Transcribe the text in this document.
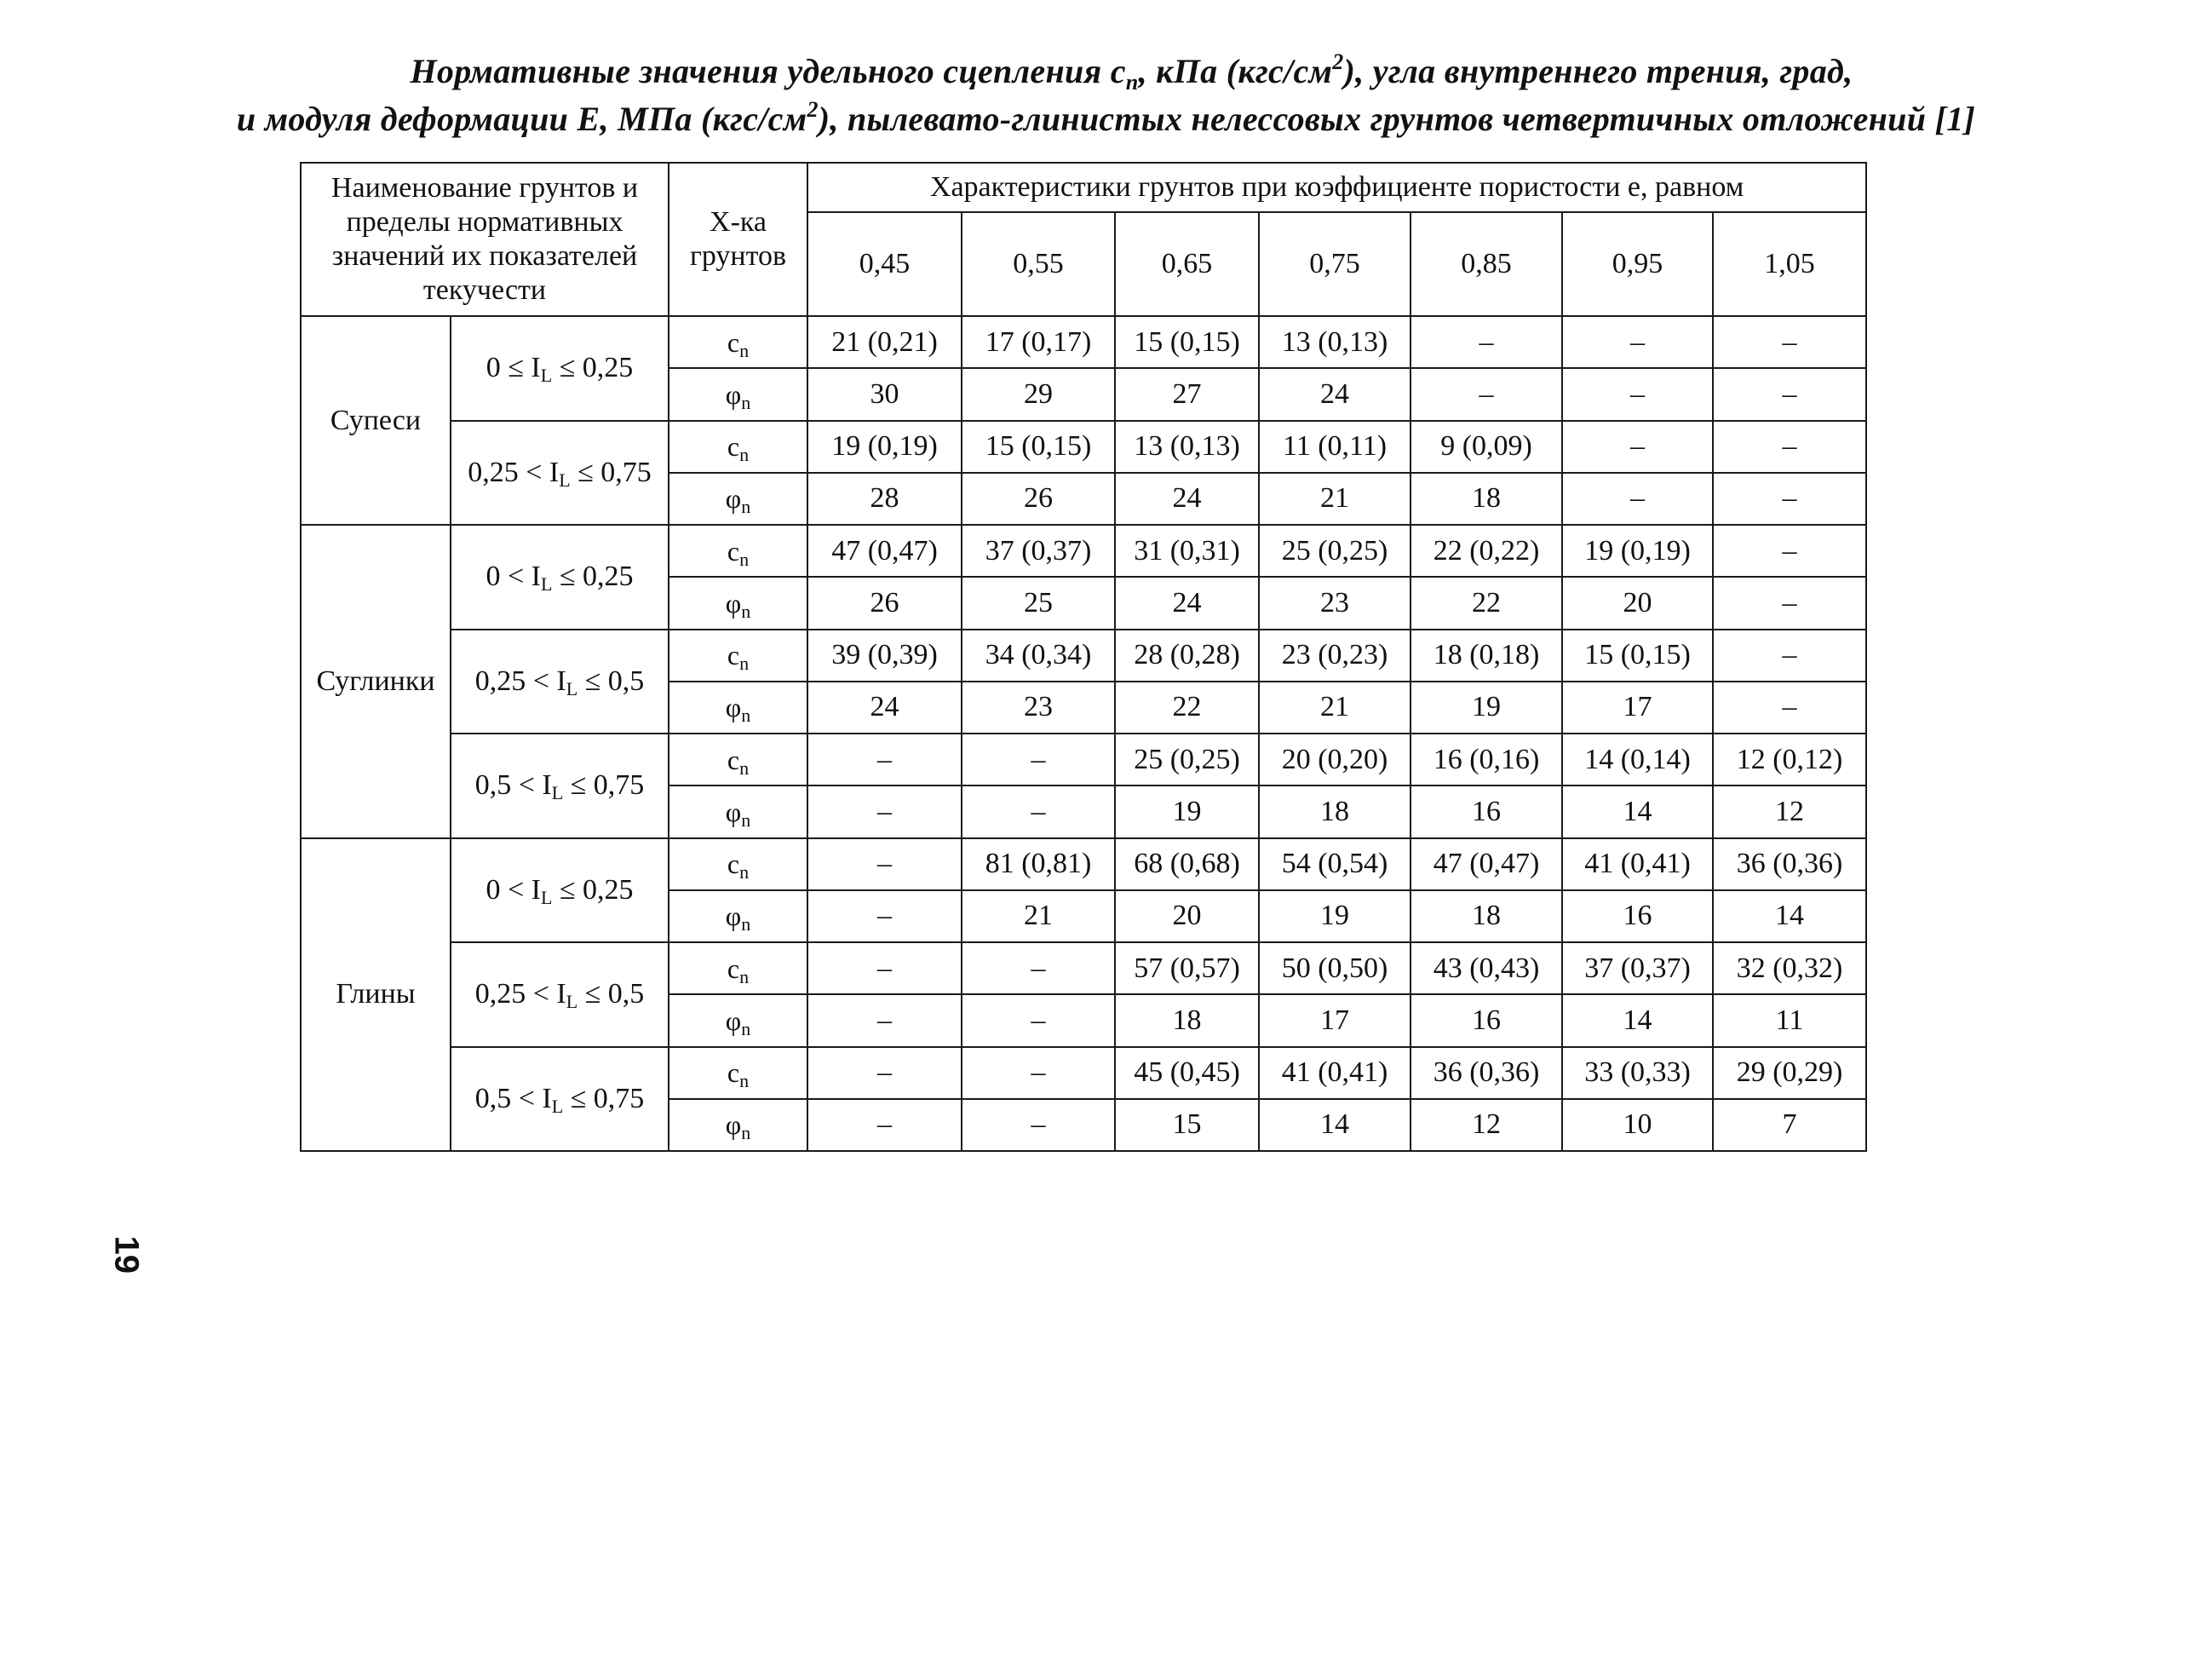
Нормативные значения удельного сцепления $c_n$, кПа $(кгс/см^2)$, угла внутреннего трения, град,
и модуля деформации E, МПа $(кгс/см^2)$, пылевато-глинистых нелессовых грунтов четвертичных отложений [1]
Наименование грунтов и пределы нормативных значений их показателей текучести		Х-ка грунтов	Характеристики грунтов при коэффициенте пористости e, равном						
			0,45	0,55	0,65	0,75	0,85	0,95	1,05
Супеси	$0 \le I_L \le 0,25$	$c_n$	21 (0,21)	17 (0,17)	15 (0,15)	13 (0,13)	–	–	–
		$\varphi_n$	30	29	27	24	–	–	–
	$0,25 < I_L \le 0,75$	$c_n$	19 (0,19)	15 (0,15)	13 (0,13)	11 (0,11)	9 (0,09)	–	–
		$\varphi_n$	28	26	24	21	18	–	–
Суглинки	$0 < I_L \le 0,25$	$c_n$	47 (0,47)	37 (0,37)	31 (0,31)	25 (0,25)	22 (0,22)	19 (0,19)	–
		$\varphi_n$	26	25	24	23	22	20	–
	$0,25 < I_L \le 0,5$	$c_n$	39 (0,39)	34 (0,34)	28 (0,28)	23 (0,23)	18 (0,18)	15 (0,15)	–
		$\varphi_n$	24	23	22	21	19	17	–
	$0,5 < I_L \le 0,75$	$c_n$	–	–	25 (0,25)	20 (0,20)	16 (0,16)	14 (0,14)	12 (0,12)
		$\varphi_n$	–	–	19	18	16	14	12
Глины	$0 < I_L \le 0,25$	$c_n$	–	81 (0,81)	68 (0,68)	54 (0,54)	47 (0,47)	41 (0,41)	36 (0,36)
		$\varphi_n$	–	21	20	19	18	16	14
	$0,25 < I_L \le 0,5$	$c_n$	–	–	57 (0,57)	50 (0,50)	43 (0,43)	37 (0,37)	32 (0,32)
		$\varphi_n$	–	–	18	17	16	14	11
	$0,5 < I_L \le 0,75$	$c_n$	–	–	45 (0,45)	41 (0,41)	36 (0,36)	33 (0,33)	29 (0,29)
		$\varphi_n$	–	–	15	14	12	10	7
19
